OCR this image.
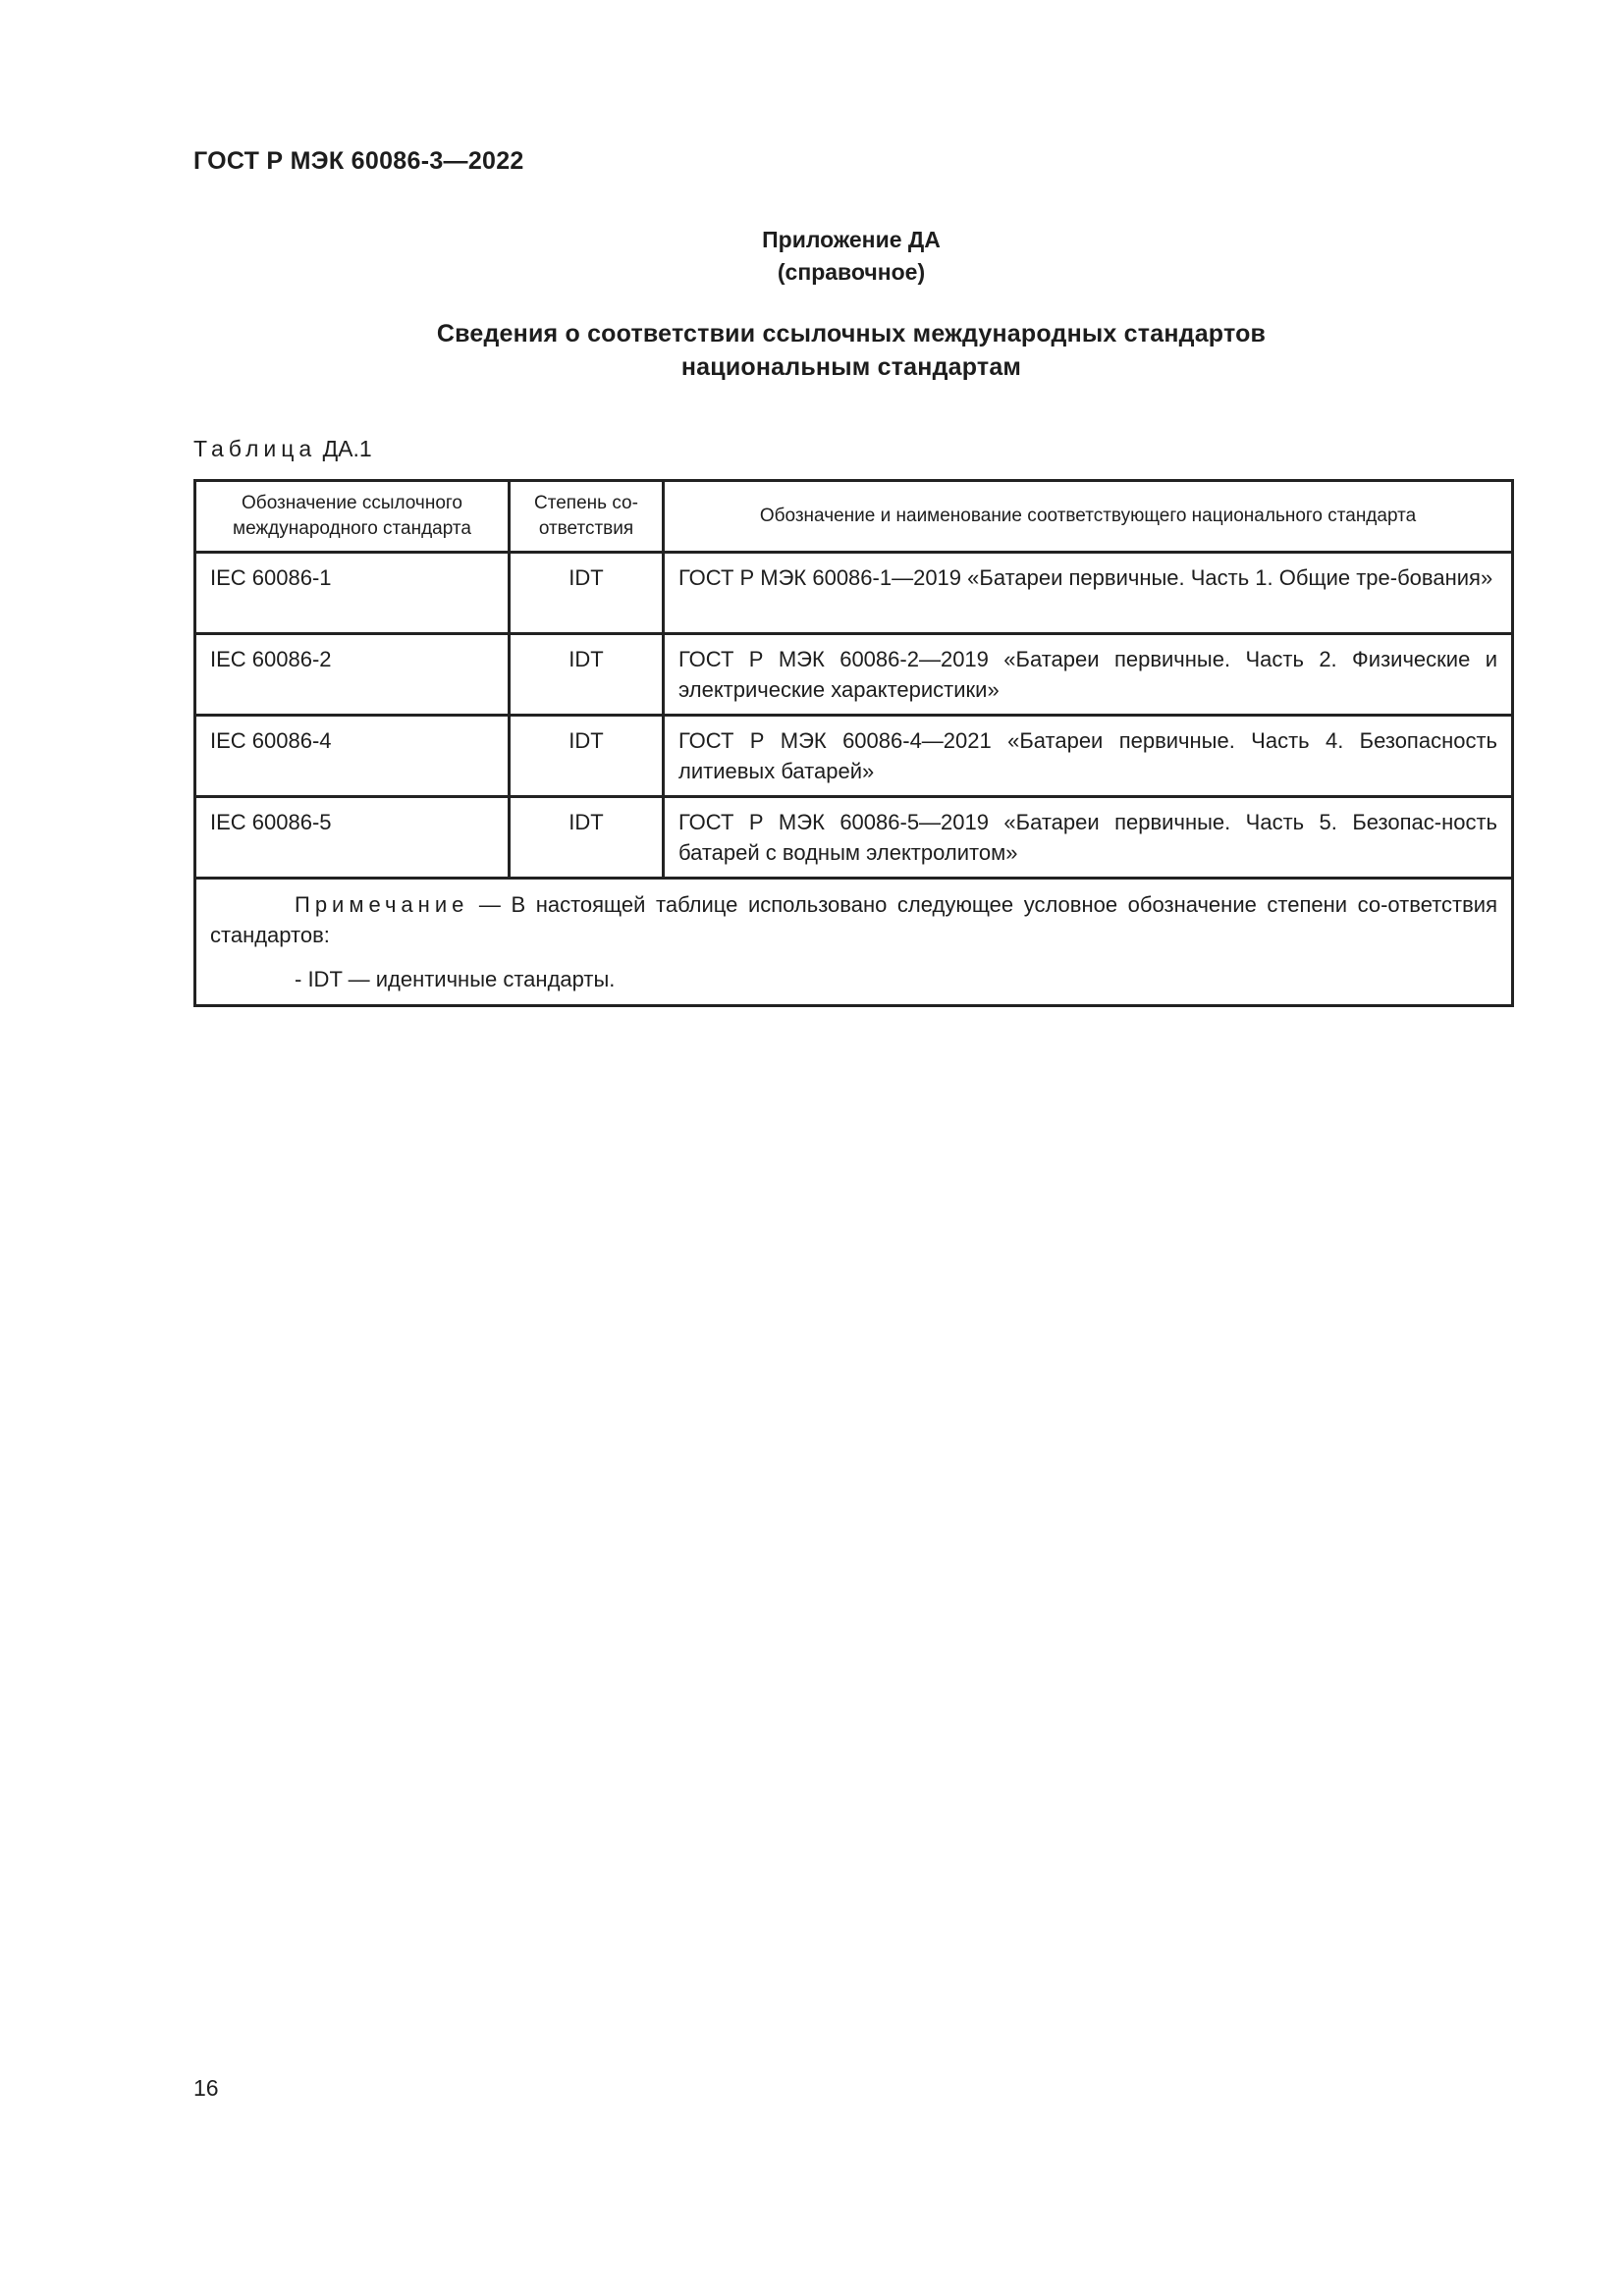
ГОСТ Р МЭК 60086-3—2022
Приложение ДА
(справочное)
Сведения о соответствии ссылочных международных стандартов
национальным стандартам
Таблица ДА.1
Обозначение ссылочного международного стандарта	Степень со-ответствия	Обозначение и наименование соответствующего национального стандарта
IEC 60086-1	IDT	ГОСТ Р МЭК 60086-1—2019 «Батареи первичные. Часть 1. Общие тре-бования»
IEC 60086-2	IDT	ГОСТ Р МЭК 60086-2—2019 «Батареи первичные. Часть 2. Физические и электрические характеристики»
IEC 60086-4	IDT	ГОСТ Р МЭК 60086-4—2021 «Батареи первичные. Часть 4. Безопасность литиевых батарей»
IEC 60086-5	IDT	ГОСТ Р МЭК 60086-5—2019 «Батареи первичные. Часть 5. Безопас-ность батарей с водным электролитом»

Примечание — В настоящей таблице использовано следующее условное обозначение степени со-ответствия стандартов:
- IDT — идентичные стандарты.		
16
